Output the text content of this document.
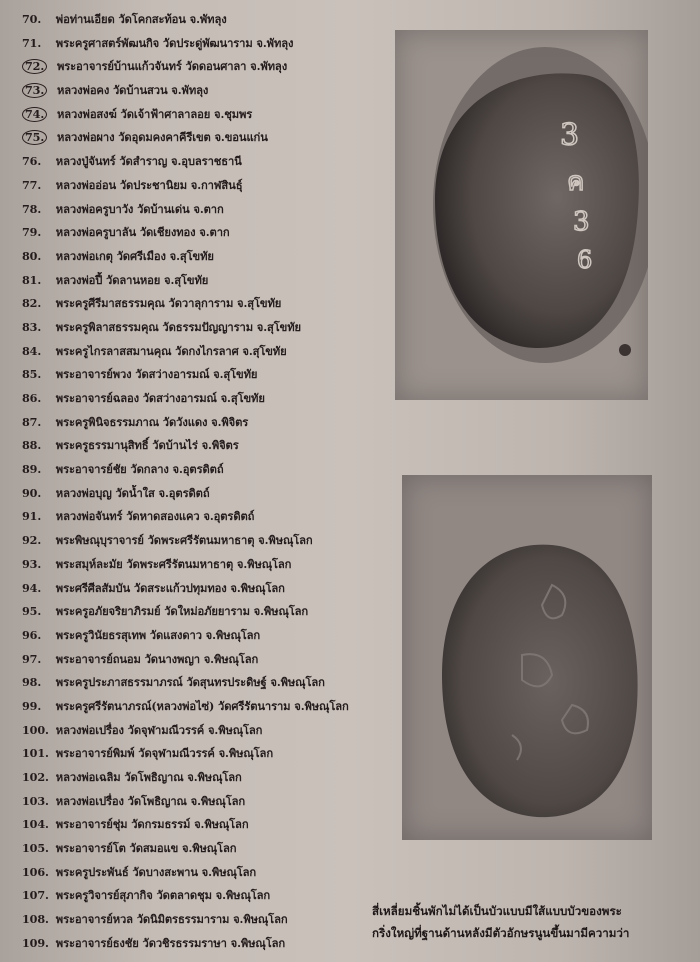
70. พ่อท่านเอียด วัดโคกสะท้อน จ.พัทลุง
71. พระครูศาสตร์พัฒนกิจ วัดประดู่พัฒนาราม จ.พัทลุง
72. พระอาจารย์บ้านแก้วจันทร์ วัดดอนศาลา จ.พัทลุง
73. หลวงพ่อคง วัดบ้านสวน จ.พัทลุง
74. หลวงพ่อสงฆ์ วัดเจ้าฟ้าศาลาลอย จ.ชุมพร
75. หลวงพ่อผาง วัดอุดมคงคาคีรีเขต จ.ขอนแก่น
76. หลวงปู่จันทร์ วัดสำราญ จ.อุบลราชธานี
77. หลวงพ่ออ่อน วัดประชานิยม จ.กาฬสินธุ์
78. หลวงพ่อครูบาวัง วัดบ้านเด่น จ.ตาก
79. หลวงพ่อครูบาลัน วัดเชียงทอง จ.ตาก
80. หลวงพ่อเกตุ วัดศรีเมือง จ.สุโขทัย
81. หลวงพ่อปี้ วัดลานหอย จ.สุโขทัย
82. พระครูศีรีมาสธรรมคุณ วัดวาลุการาม จ.สุโขทัย
83. พระครูพิลาสธรรมคุณ วัดธรรมปัญญาราม จ.สุโขทัย
84. พระครูไกรลาสสมานคุณ วัดกงไกรลาศ จ.สุโขทัย
85. พระอาจารย์พวง วัดสว่างอารมณ์ จ.สุโขทัย
86. พระอาจารย์ฉลอง วัดสว่างอารมณ์ จ.สุโขทัย
87. พระครูพินิจธรรมภาณ วัดวังแดง จ.พิจิตร
88. พระครูธรรมานุสิทธิ์ วัดบ้านไร่ จ.พิจิตร
89. พระอาจารย์ชัย วัดกลาง จ.อุตรดิตถ์
90. หลวงพ่อบุญ วัดน้ำใส จ.อุตรดิตถ์
91. หลวงพ่อจันทร์ วัดหาดสองแคว จ.อุตรดิตถ์
92. พระพิษณุบุราจารย์ วัดพระศรีรัตนมหาธาตุ จ.พิษณุโลก
93. พระสมุห์ละมัย วัดพระศรีรัตนมหาธาตุ จ.พิษณุโลก
94. พระศรีศีลสัมบัน วัดสระแก้วปทุมทอง จ.พิษณุโลก
95. พระครูอภัยจริยาภิรมย์ วัดใหม่อภัยยาราม จ.พิษณุโลก
96. พระครูวินัยธรสุเทพ วัดแสงดาว จ.พิษณุโลก
97. พระอาจารย์ถนอม วัดนางพญา จ.พิษณุโลก
98. พระครูประภาสธรรมาภรณ์ วัดสุนทรประดิษฐ์ จ.พิษณุโลก
99. พระครูศรีรัตนาภรณ์(หลวงพ่อไซ่) วัดศรีรัตนาราม จ.พิษณุโลก
100. หลวงพ่อเปรื่อง วัดจุฬามณีวรรค์ จ.พิษณุโลก
101. พระอาจารย์พิมพ์ วัดจุฬามณีวรรค์ จ.พิษณุโลก
102. หลวงพ่อเฉลิม วัดโพธิญาณ จ.พิษณุโลก
103. หลวงพ่อเปรื่อง วัดโพธิญาณ จ.พิษณุโลก
104. พระอาจารย์ชุ่ม วัดกรมธรรม์ จ.พิษณุโลก
105. พระอาจารย์โต วัดสมอแข จ.พิษณุโลก
106. พระครูประพันธ์ วัดบางสะพาน จ.พิษณุโลก
107. พระครูวิจารย์สุภากิจ วัดตลาดชุม จ.พิษณุโลก
108. พระอาจารย์หวล วัดนิมิตรธรรมาราม จ.พิษณุโลก
109. พระอาจารย์ธงชัย วัดวชิรธรรมราษา จ.พิษณุโลก
3
ค
3
6
สี่เหลี่ยมชิ้นพักไม่ได้เป็นบัวแบบมีใส้แบบบัวของพระ
กริ่งใหญ่ที่ฐานด้านหลังมีตัวอักษรนูนขึ้นมามีความว่า
